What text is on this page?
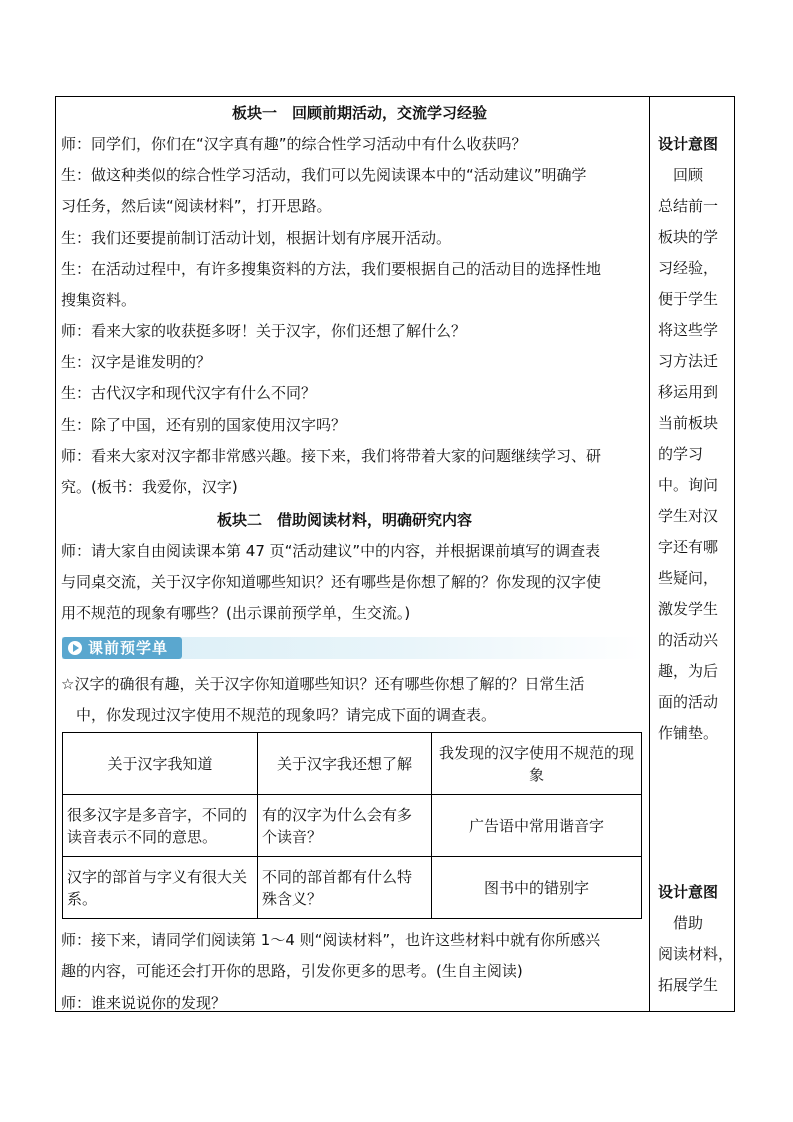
板块一　回顾前期活动，交流学习经验
师：同学们，你们在“汉字真有趣”的综合性学习活动中有什么收获吗？
生：做这种类似的综合性学习活动，我们可以先阅读课本中的“活动建议”明确学
习任务，然后读“阅读材料”，打开思路。
生：我们还要提前制订活动计划，根据计划有序展开活动。
生：在活动过程中，有许多搜集资料的方法，我们要根据自己的活动目的选择性地
搜集资料。
师：看来大家的收获挺多呀！关于汉字，你们还想了解什么？
生：汉字是谁发明的？
生：古代汉字和现代汉字有什么不同？
生：除了中国，还有别的国家使用汉字吗？
师：看来大家对汉字都非常感兴趣。接下来，我们将带着大家的问题继续学习、研
究。(板书：我爱你，汉字)
板块二　借助阅读材料，明确研究内容
师：请大家自由阅读课本第 47 页“活动建议”中的内容，并根据课前填写的调查表
与同桌交流，关于汉字你知道哪些知识？还有哪些是你想了解的？你发现的汉字使
用不规范的现象有哪些？(出示课前预学单，生交流。)
课前预学单
☆汉字的确很有趣，关于汉字你知道哪些知识？还有哪些你想了解的？日常生活
　中，你发现过汉字使用不规范的现象吗？请完成下面的调查表。
关于汉字我知道	关于汉字我还想了解	我发现的汉字使用不规范的现象
很多汉字是多音字，不同的读音表示不同的意思。	有的汉字为什么会有多个读音？	广告语中常用谐音字
汉字的部首与字义有很大关系。	不同的部首都有什么特殊含义？	图书中的错别字
师：接下来，请同学们阅读第 1～4 则“阅读材料”，也许这些材料中就有你所感兴
趣的内容，可能还会打开你的思路，引发你更多的思考。(生自主阅读)
师：谁来说说你的发现？
设计意图
　回顾
总结前一
板块的学
习经验，
便于学生
将这些学
习方法迁
移运用到
当前板块
的学习
中。询问
学生对汉
字还有哪
些疑问，
激发学生
的活动兴
趣，为后
面的活动
作铺垫。
设计意图
　借助
阅读材料，
拓展学生
